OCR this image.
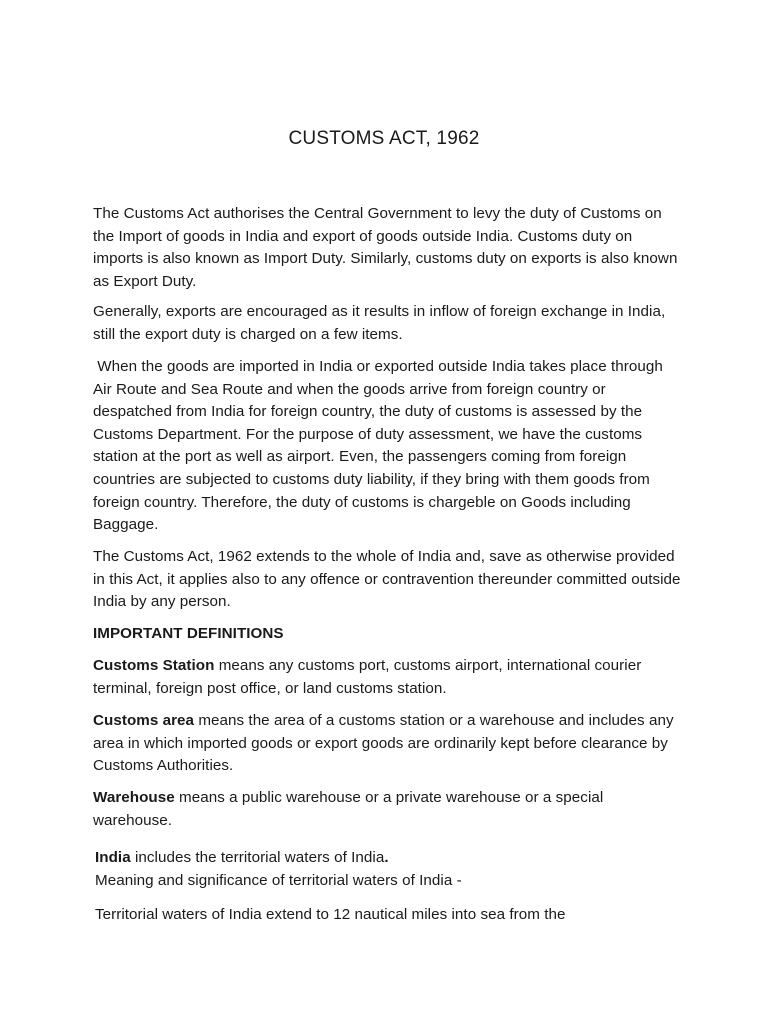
CUSTOMS ACT, 1962

The Customs Act authorises the Central Government to levy the duty of Customs on the Import of goods in India and export of goods outside India. Customs duty on imports is also known as Import Duty. Similarly, customs duty on exports is also known as Export Duty.

Generally, exports are encouraged as it results in inflow of foreign exchange in India, still the export duty is charged on a few items.

When the goods are imported in India or exported outside India takes place through Air Route and Sea Route and when the goods arrive from foreign country or despatched from India for foreign country, the duty of customs is assessed by the Customs Department. For the purpose of duty assessment, we have the customs station at the port as well as airport. Even, the passengers coming from foreign countries are subjected to customs duty liability, if they bring with them goods from foreign country. Therefore, the duty of customs is chargeble on Goods including Baggage.

The Customs Act, 1962 extends to the whole of India and, save as otherwise provided in this Act, it applies also to any offence or contravention thereunder committed outside India by any person.

IMPORTANT DEFINITIONS

Customs Station means any customs port, customs airport, international courier terminal, foreign post office, or land customs station.

Customs area means the area of a customs station or a warehouse and includes any area in which imported goods or export goods are ordinarily kept before clearance by Customs Authorities.

Warehouse means a public warehouse or a private warehouse or a special warehouse.

India includes the territorial waters of India.
Meaning and significance of territorial waters of India -

Territorial waters of India extend to 12 nautical miles into sea from the
